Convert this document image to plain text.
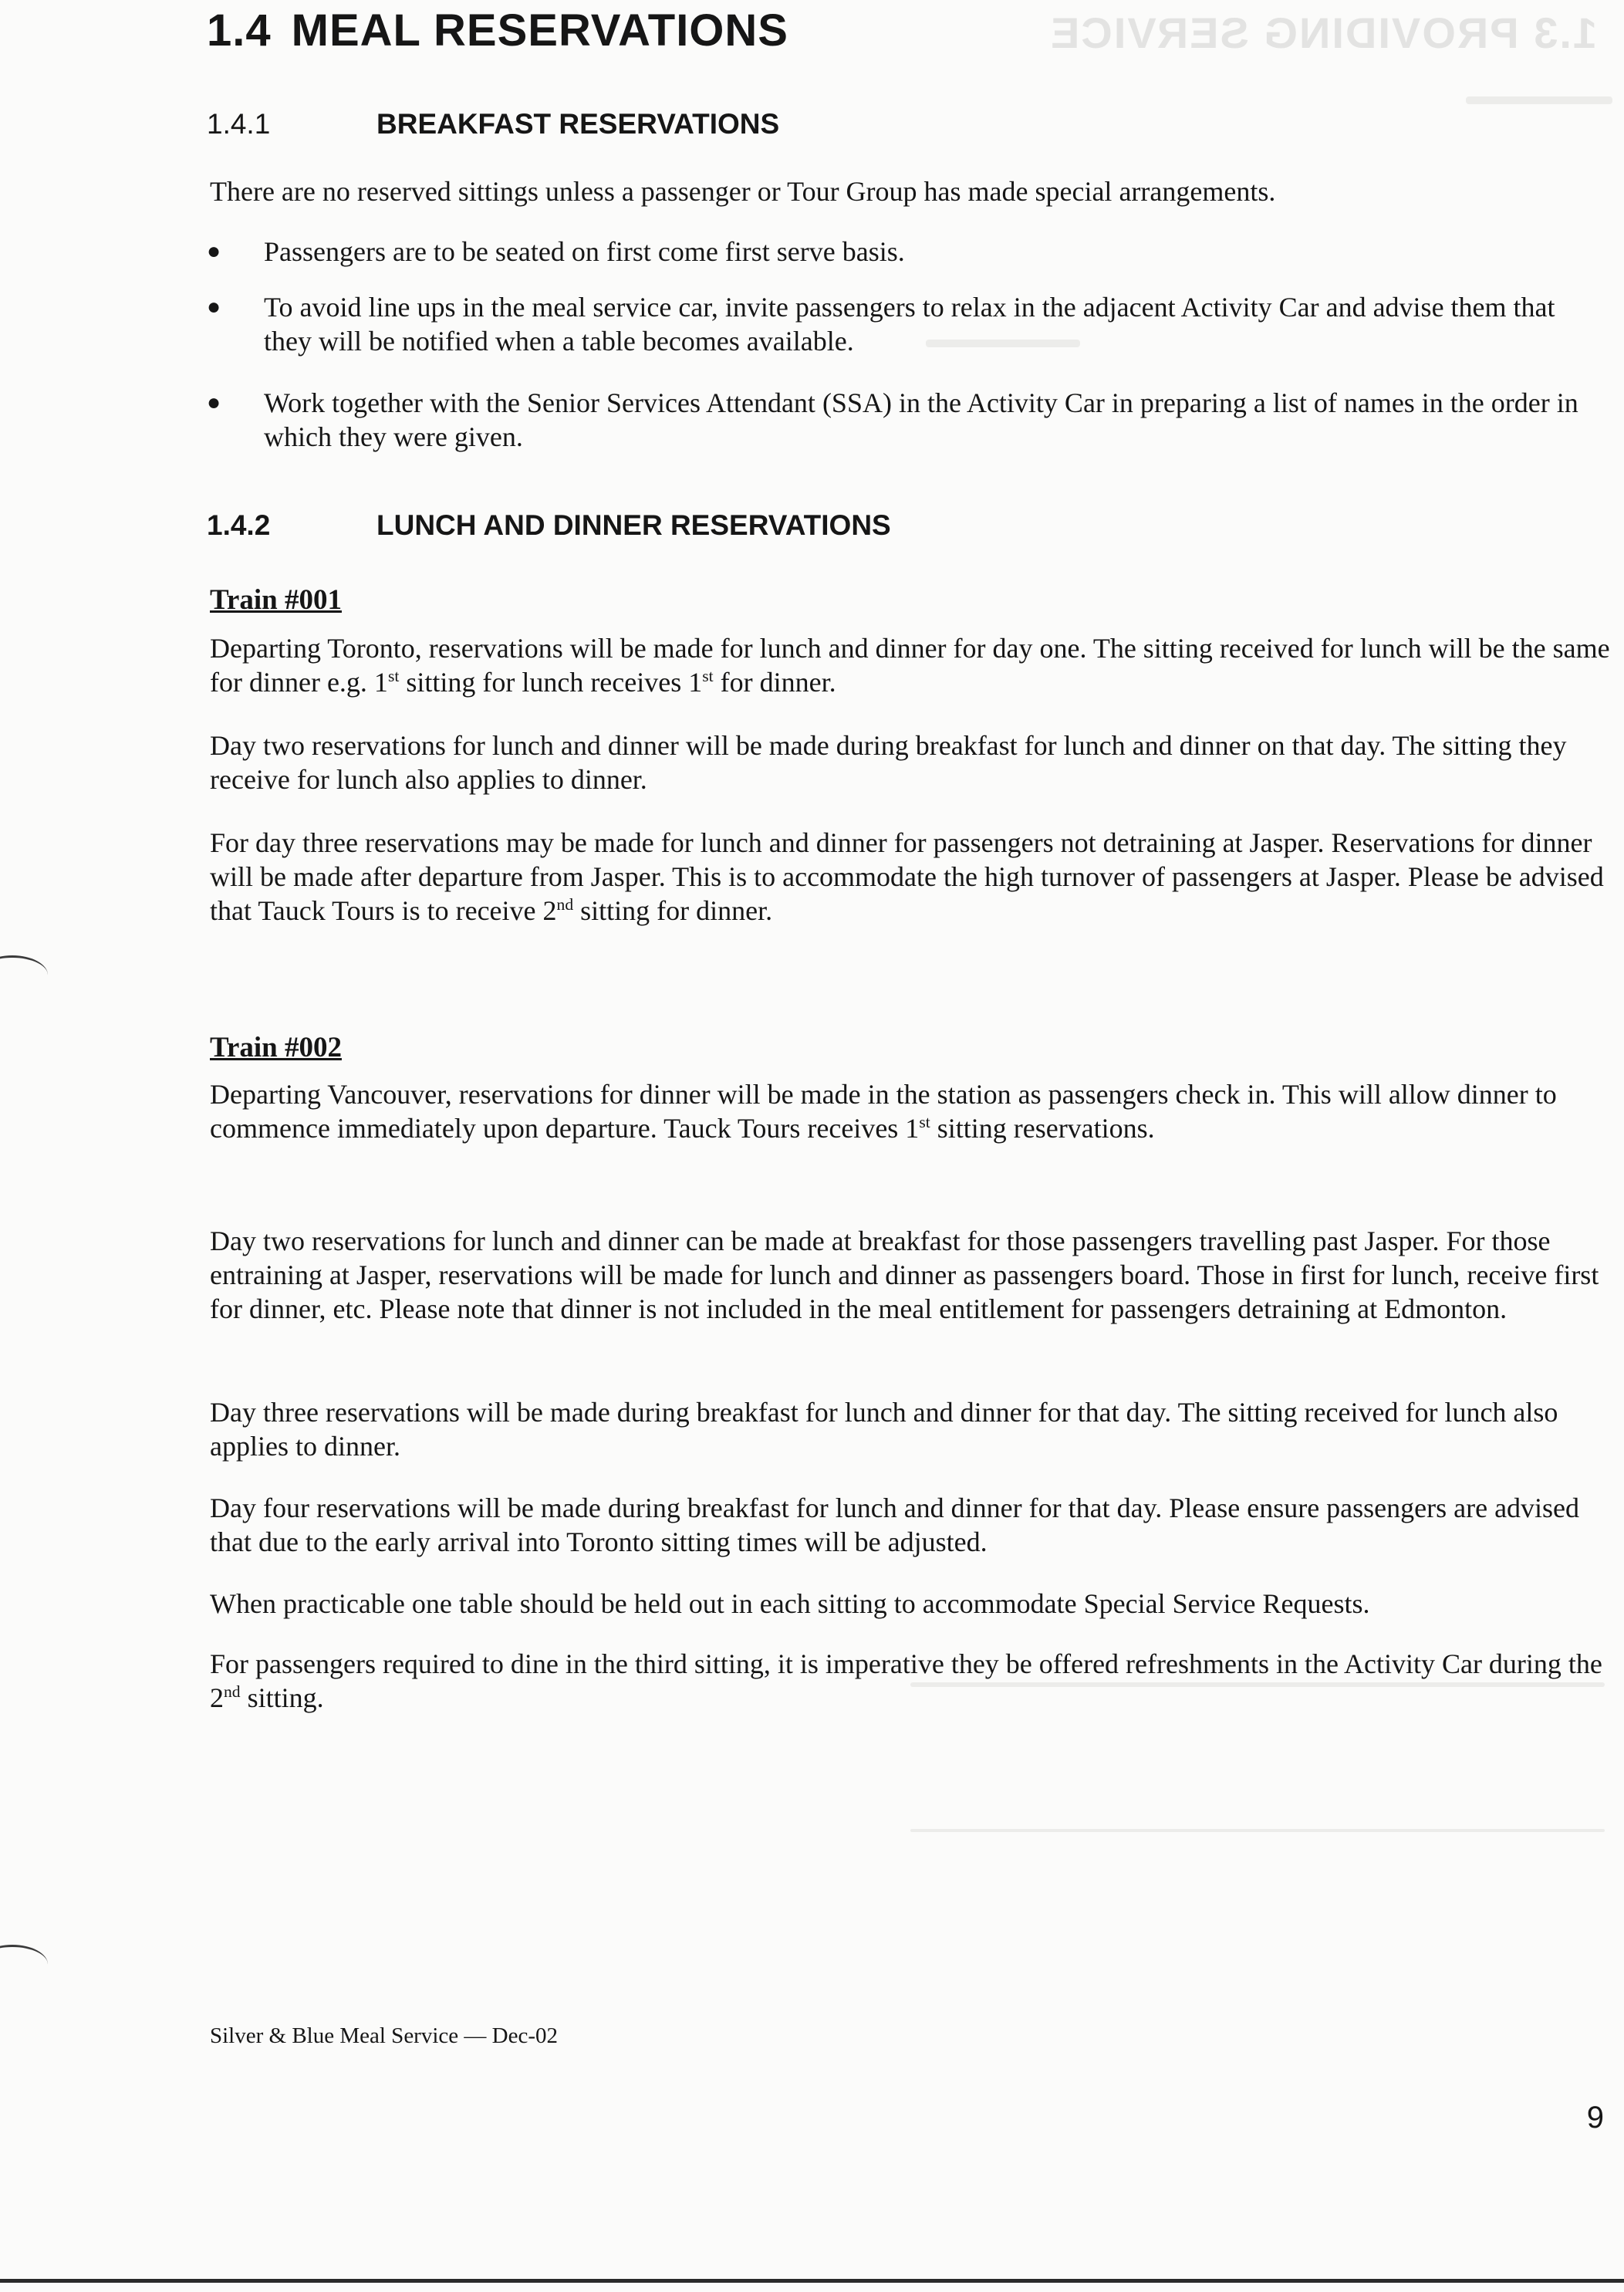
1.3 PROVIDING SERVICE
1.4 MEAL RESERVATIONS
1.4.1	BREAKFAST RESERVATIONS

There are no reserved sittings unless a passenger or Tour Group has made special arrangements.

● Passengers are to be seated on first come first serve basis.
● To avoid line ups in the meal service car, invite passengers to relax in the adjacent Activity Car and advise them that they will be notified when a table becomes available.
● Work together with the Senior Services Attendant (SSA) in the Activity Car in preparing a list of names in the order in which they were given.
1.4.2	LUNCH AND DINNER RESERVATIONS
Train #001

Departing Toronto, reservations will be made for lunch and dinner for day one. The sitting received for lunch will be the same for dinner e.g. 1st sitting for lunch receives 1st for dinner.

Day two reservations for lunch and dinner will be made during breakfast for lunch and dinner on that day. The sitting they receive for lunch also applies to dinner.

For day three reservations may be made for lunch and dinner for passengers not detraining at Jasper. Reservations for dinner will be made after departure from Jasper. This is to accommodate the high turnover of passengers at Jasper. Please be advised that Tauck Tours is to receive 2nd sitting for dinner.

Train #002

Departing Vancouver, reservations for dinner will be made in the station as passengers check in. This will allow dinner to commence immediately upon departure. Tauck Tours receives 1st sitting reservations.

Day two reservations for lunch and dinner can be made at breakfast for those passengers travelling past Jasper. For those entraining at Jasper, reservations will be made for lunch and dinner as passengers board. Those in first for lunch, receive first for dinner, etc. Please note that dinner is not included in the meal entitlement for passengers detraining at Edmonton.

Day three reservations will be made during breakfast for lunch and dinner for that day. The sitting received for lunch also applies to dinner.

Day four reservations will be made during breakfast for lunch and dinner for that day. Please ensure passengers are advised that due to the early arrival into Toronto sitting times will be adjusted.

When practicable one table should be held out in each sitting to accommodate Special Service Requests.

For passengers required to dine in the third sitting, it is imperative they be offered refreshments in the Activity Car during the 2nd sitting.

Silver & Blue Meal Service — Dec-02
9
